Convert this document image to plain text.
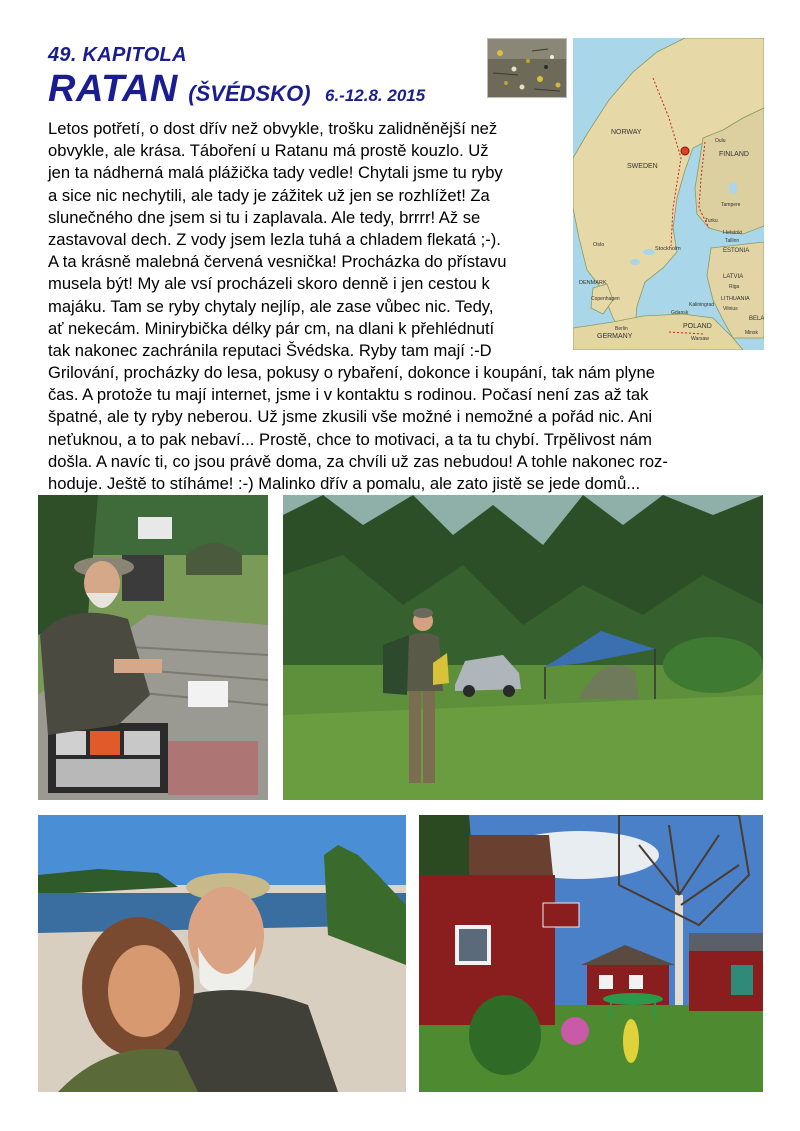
49. KAPITOLA
RATAN (ŠVÉDSKO) 6.-12.8. 2015
NORWAY
SWEDEN
FINLAND
ESTONIA
LATVIA
LITHUANIA
DENMARK
POLAND
GERMANY
BELA
Stockholm
Helsinki
Oslo
Riga
Tampere
Tallinn
Warsaw
Vilnius
Berlin
Gdansk
Kaliningrad
Copenhagen
Minsk
Turku
Oulu
Letos potřetí, o dost dřív než obvykle, trošku zalidněnější než
obvykle, ale krása. Táboření u Ratanu má prostě kouzlo. Už
jen ta nádherná malá plážička tady vedle! Chytali jsme tu ryby
a sice nic nechytili, ale tady je zážitek už jen se rozhlížet! Za
slunečného dne jsem si tu i zaplavala. Ale tedy, brrrr! Až se
zastavoval dech. Z vody jsem lezla tuhá a chladem flekatá ;-).
A ta krásně malebná červená vesnička! Procházka do přístavu
musela být! My ale vsí procházeli skoro denně i jen cestou k
majáku. Tam se ryby chytaly nejlíp, ale zase vůbec nic. Tedy,
ať nekecám. Minirybička délky pár cm, na dlani k přehlédnutí
tak nakonec zachránila reputaci Švédska. Ryby tam mají :-D
Grilování, procházky do lesa, pokusy o rybaření, dokonce i koupání, tak nám plyne
čas. A protože tu mají internet, jsme i v kontaktu s rodinou. Počasí není zas až tak
špatné, ale ty ryby neberou. Už jsme zkusili vše možné i nemožné a pořád nic. Ani
neťuknou, a to pak nebaví... Prostě, chce to motivaci, a ta tu chybí. Trpělivost nám
došla. A navíc ti, co jsou právě doma, za chvíli už zas nebudou! A tohle nakonec roz-
hoduje. Ještě to stíháme! :-) Malinko dřív a pomalu, ale zato jistě se jede domů...
